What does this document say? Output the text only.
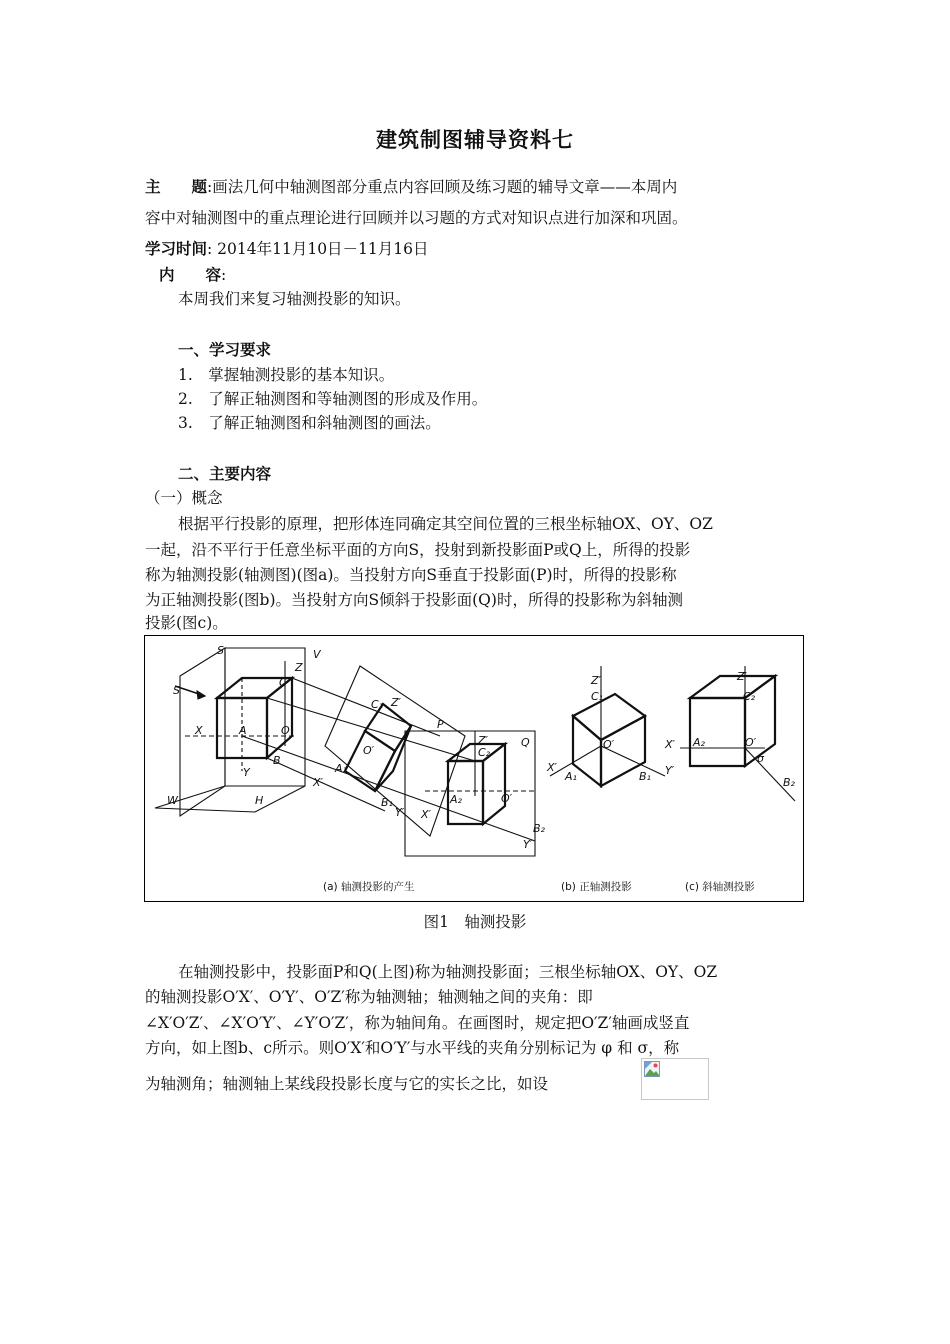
建筑制图辅导资料七
主　　题:画法几何中轴测图部分重点内容回顾及练习题的辅导文章——本周内
容中对轴测图中的重点理论进行回顾并以习题的方式对知识点进行加深和巩固。
学习时间: 2014年11月10日－11月16日
内　　容:
本周我们来复习轴测投影的知识。
一、学习要求
1.　掌握轴测投影的基本知识。
2.　了解正轴测图和等轴测图的形成及作用。
3.　了解正轴测图和斜轴测图的画法。
二、主要内容
（一）概念
根据平行投影的原理，把形体连同确定其空间位置的三根坐标轴OX、OY、OZ
一起，沿不平行于任意坐标平面的方向S，投射到新投影面P或Q上，所得的投影
称为轴测投影(轴测图)(图a)。当投射方向S垂直于投影面(P)时，所得的投影称
为正轴测投影(图b)。当投射方向S倾斜于投影面(Q)时，所得的投影称为斜轴测
投影(图c)。
S
S
Z
V
C
X	A	O
Y
B
H
W
C₁ Z′
P
A₁
O′
X′
B₁
Y′
Q
Z′
C₂
X′
A₂	O′
B₂
Y′
Z′
C₁
X′
A₁
O′
B₁ Y′
Z′
C₂
X′ A₂	O′
B₂
σ
(a) 轴测投影的产生	(b) 正轴测投影	(c) 斜轴测投影
图1　轴测投影
在轴测投影中，投影面P和Q(上图)称为轴测投影面；三根坐标轴OX、OY、OZ
的轴测投影O′X′、O′Y′、O′Z′称为轴测轴；轴测轴之间的夹角：即
∠X′O′Z′、∠X′O′Y′、∠Y′O′Z′，称为轴间角。在画图时，规定把O′Z′轴画成竖直
方向，如上图b、c所示。则O′X′和O′Y′与水平线的夹角分别标记为 φ 和 σ，称
为轴测角；轴测轴上某线段投影长度与它的实长之比，如设
